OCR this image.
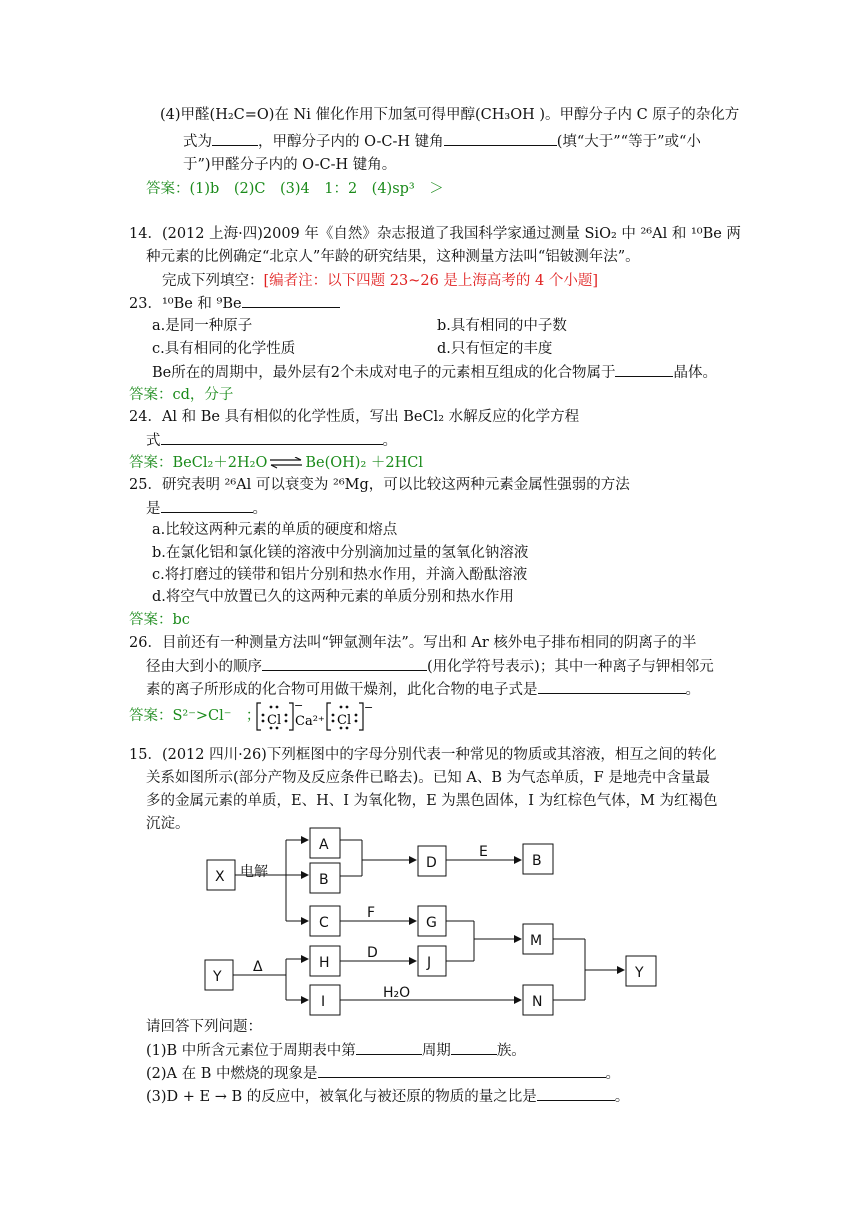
(4)甲醛(H₂C=O)在 Ni 催化作用下加氢可得甲醇(CH₃OH )。甲醇分子内 C 原子的杂化方
式为	，甲醇分子内的 O-C-H 键角	(填“大于”“等于”或“小
于”)甲醛分子内的 O-C-H 键角。
答案：(1)b　(2)C　(3)4　1：2　(4)sp³　＞
14．(2012 上海·四)2009 年《自然》杂志报道了我国科学家通过测量 SiO₂ 中 ²⁶Al 和 ¹⁰Be 两
种元素的比例确定“北京人”年龄的研究结果，这种测量方法叫“铝铍测年法”。
完成下列填空：[编者注：以下四题 23~26 是上海高考的 4 个小题]
23．¹⁰Be 和 ⁹Be
a.是同一种原子	b.具有相同的中子数
c.具有相同的化学性质	d.只有恒定的丰度
Be所在的周期中，最外层有2个未成对电子的元素相互组成的化合物属于	晶体。
答案：cd，分子
24．Al 和 Be 具有相似的化学性质，写出 BeCl₂ 水解反应的化学方程
式	。
答案：BeCl₂＋2H₂O ⇌ Be(OH)₂ ＋2HCl
25．研究表明 ²⁶Al 可以衰变为 ²⁶Mg，可以比较这两种元素金属性强弱的方法
是	。
a.比较这两种元素的单质的硬度和熔点
b.在氯化铝和氯化镁的溶液中分别滴加过量的氢氧化钠溶液
c.将打磨过的镁带和铝片分别和热水作用，并滴入酚酞溶液
d.将空气中放置已久的这两种元素的单质分别和热水作用
答案：bc
26．目前还有一种测量方法叫“钾氩测年法”。写出和 Ar 核外电子排布相同的阴离子的半
径由大到小的顺序	(用化学符号表示)；其中一种离子与钾相邻元
素的离子所形成的化合物可用做干燥剂，此化合物的电子式是	。
答案：S²⁻>Cl⁻　； Cl
−
Ca²⁺ Cl
−
15．(2012 四川·26)下列框图中的字母分别代表一种常见的物质或其溶液，相互之间的转化
关系如图所示(部分产物及反应条件已略去)。已知 A、B 为气态单质，F 是地壳中含量最
多的金属元素的单质，E、H、I 为氧化物，E 为黑色固体，I 为红棕色气体，M 为红褐色
沉淀。
X
A
B
C
D	B
G
M
Y
Y
H	J
I	N
电解
E
F
Δ
D
H₂O
请回答下列问题：
(1)B 中所含元素位于周期表中第	周期	族。
(2)A 在 B 中燃烧的现象是	。
(3)D + E → B 的反应中，被氧化与被还原的物质的量之比是	。
